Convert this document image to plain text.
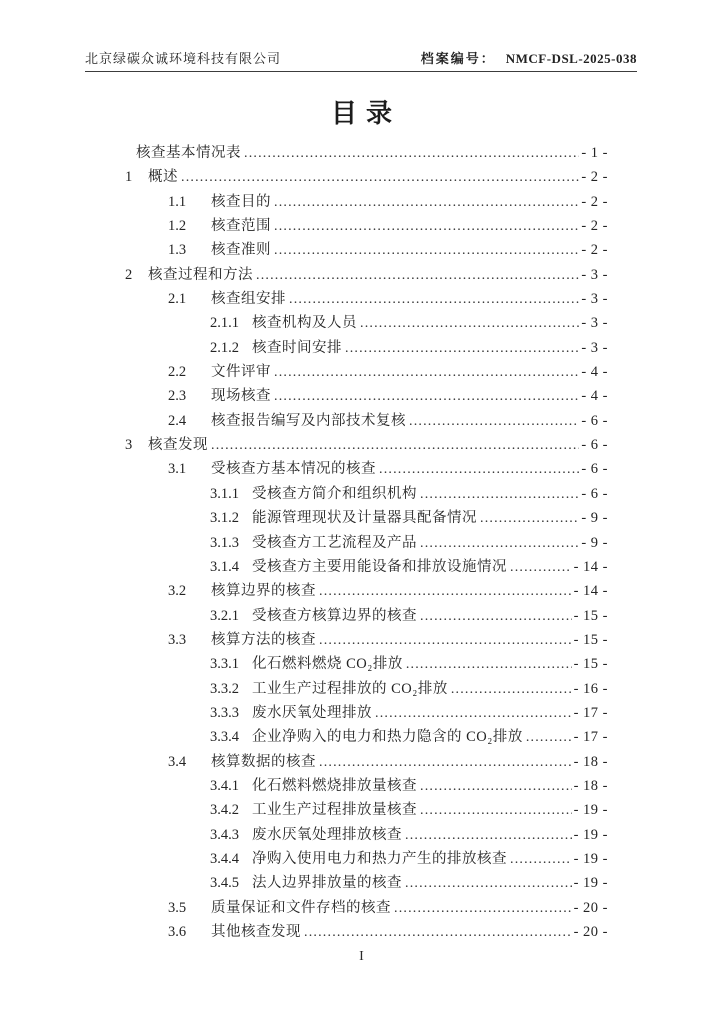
北京绿碳众诚环境科技有限公司	档案编号： NMCF-DSL-2025-038
目录
核查基本情况表 .....	- 1 -
1	概述 .....	- 2 -
1.1	核查目的 .....	- 2 -
1.2	核查范围 .....	- 2 -
1.3	核查准则 .....	- 2 -
2	核查过程和方法 .....	- 3 -
2.1	核查组安排 .....	- 3 -
2.1.1 核查机构及人员 .....	- 3 -
2.1.2 核查时间安排 .....	- 3 -
2.2	文件评审 .....	- 4 -
2.3	现场核查 .....	- 4 -
2.4	核查报告编写及内部技术复核 .....	- 6 -
3	核查发现 .....	- 6 -
3.1	受核查方基本情况的核查 .....	- 6 -
3.1.1 受核查方简介和组织机构 .....	- 6 -
3.1.2 能源管理现状及计量器具配备情况 .....	- 9 -
3.1.3 受核查方工艺流程及产品 .....	- 9 -
3.1.4 受核查方主要用能设备和排放设施情况 .....	- 14 -
3.2	核算边界的核查 .....	- 14 -
3.2.1 受核查方核算边界的核查 .....	- 15 -
3.3	核算方法的核查 .....	- 15 -
3.3.1 化石燃料燃烧 CO₂排放 .....	- 15 -
3.3.2 工业生产过程排放的 CO₂排放 .....	- 16 -
3.3.3 废水厌氧处理排放 .....	- 17 -
3.3.4 企业净购入的电力和热力隐含的 CO₂排放 .....	- 17 -
3.4	核算数据的核查 .....	- 18 -
3.4.1 化石燃料燃烧排放量核查 .....	- 18 -
3.4.2 工业生产过程排放量核查 .....	- 19 -
3.4.3 废水厌氧处理排放核查 .....	- 19 -
3.4.4 净购入使用电力和热力产生的排放核查 .....	- 19 -
3.4.5 法人边界排放量的核查 .....	- 19 -
3.5	质量保证和文件存档的核查 .....	- 20 -
3.6	其他核查发现 .....	- 20 -
I
